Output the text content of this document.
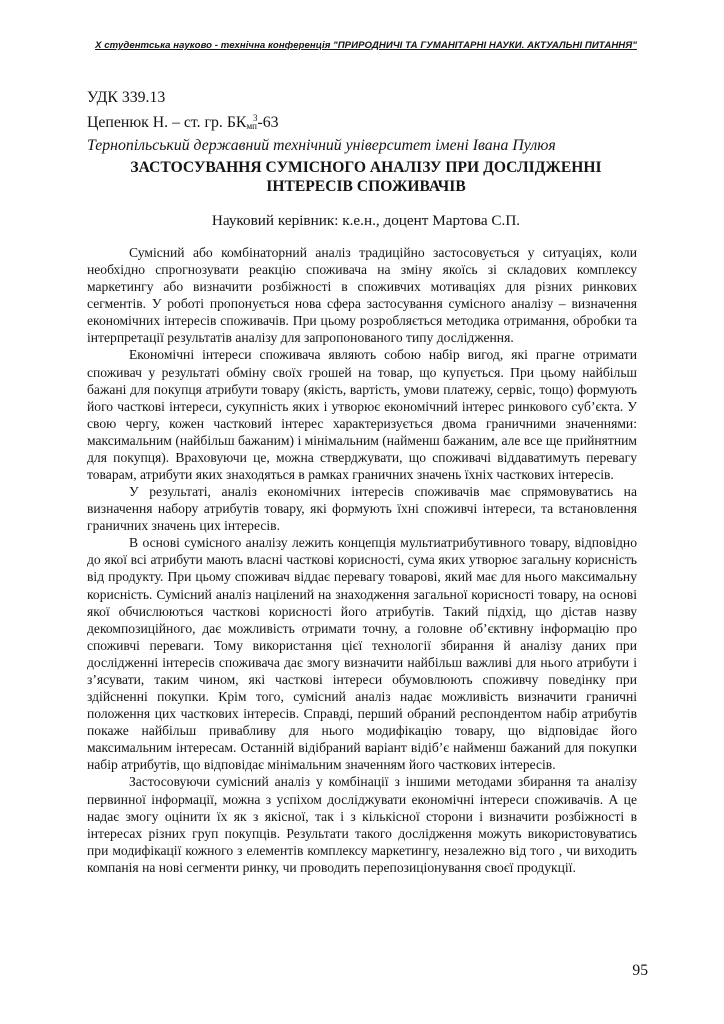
Х студентська науково - технічна конференція "ПРИРОДНИЧІ ТА ГУМАНІТАРНІ НАУКИ. АКТУАЛЬНІ ПИТАННЯ"
УДК 339.13
Цепенюк Н. – ст. гр. $БК_{мп}^3-63$
Тернопільський державний технічний університет імені Івана Пулюя
ЗАСТОСУВАННЯ СУМІСНОГО АНАЛІЗУ ПРИ ДОСЛІДЖЕННІ
ІНТЕРЕСІВ СПОЖИВАЧІВ
Науковий керівник: к.е.н., доцент Мартова С.П.

Сумісний або комбінаторний аналіз традиційно застосовується у ситуаціях, коли необхідно спрогнозувати реакцію споживача на зміну якоїсь зі складових комплексу маркетингу або визначити розбіжності в споживчих мотиваціях для різних ринкових сегментів. У роботі пропонується нова сфера застосування сумісного аналізу – визначення економічних інтересів споживачів. При цьому розробляється методика отримання, обробки та інтерпретації результатів аналізу для запропонованого типу дослідження.

Економічні інтереси споживача являють собою набір вигод, які прагне отримати споживач у результаті обміну своїх грошей на товар, що купується. При цьому найбільш бажані для покупця атрибути товару (якість, вартість, умови платежу, сервіс, тощо) формують його часткові інтереси, сукупність яких і утворює економічний інтерес ринкового суб’єкта. У свою чергу, кожен частковий інтерес характеризується двома граничними значеннями: максимальним (найбільш бажаним) і мінімальним (найменш бажаним, але все ще прийнятним для покупця). Враховуючи це, можна стверджувати, що споживачі віддаватимуть перевагу товарам, атрибути яких знаходяться в рамках граничних значень їхніх часткових інтересів.

У результаті, аналіз економічних інтересів споживачів має спрямовуватись на визначення набору атрибутів товару, які формують їхні споживчі інтереси, та встановлення граничних значень цих інтересів.

В основі сумісного аналізу лежить концепція мультиатрибутивного товару, відповідно до якої всі атрибути мають власні часткові корисності, сума яких утворює загальну корисність від продукту. При цьому споживач віддає перевагу товарові, який має для нього максимальну корисність. Сумісний аналіз націлений на знаходження загальної корисності товару, на основі якої обчислюються часткові корисності його атрибутів. Такий підхід, що дістав назву декомпозиційного, дає можливість отримати точну, а головне об’єктивну інформацію про споживчі переваги. Тому використання цієї технології збирання й аналізу даних при дослідженні інтересів споживача дає змогу визначити найбільш важливі для нього атрибути і з’ясувати, таким чином, які часткові інтереси обумовлюють споживчу поведінку при здійсненні покупки. Крім того, сумісний аналіз надає можливість визначити граничні положення цих часткових інтересів. Справді, перший обраний респондентом набір атрибутів покаже найбільш привабливу для нього модифікацію товару, що відповідає його максимальним інтересам. Останній відібраний варіант відіб’є найменш бажаний для покупки набір атрибутів, що відповідає мінімальним значенням його часткових інтересів.

Застосовуючи сумісний аналіз у комбінації з іншими методами збирання та аналізу первинної інформації, можна з успіхом досліджувати економічні інтереси споживачів. А це надає змогу оцінити їх як з якісної, так і з кількісної сторони і визначити розбіжності в інтересах різних груп покупців. Результати такого дослідження можуть використовуватись при модифікації кожного з елементів комплексу маркетингу, незалежно від того , чи виходить компанія на нові сегменти ринку, чи проводить перепозиціонування своєї продукції.

95
